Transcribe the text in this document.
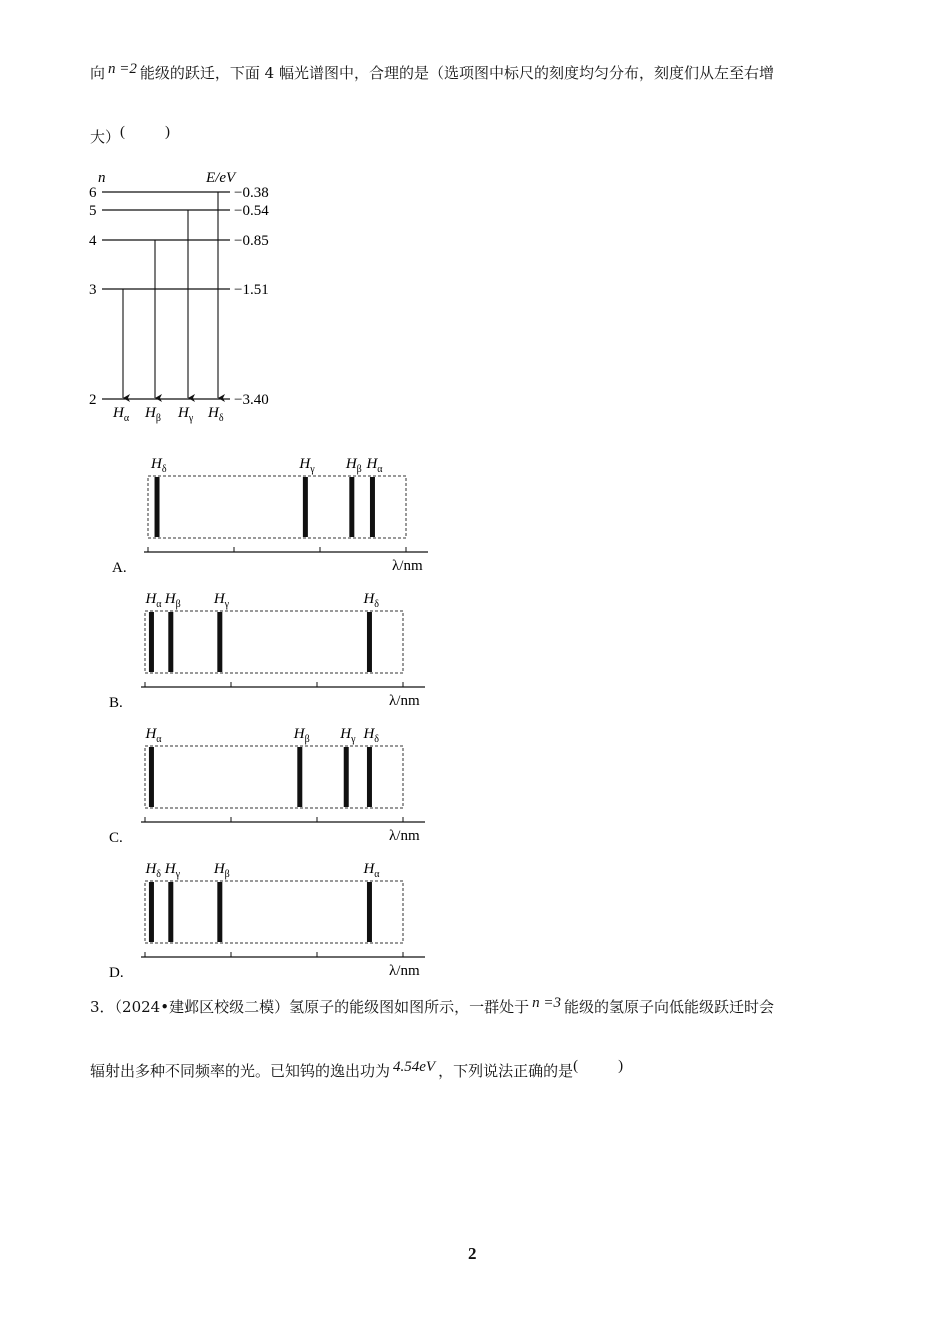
向 n =2 能级的跃迁，下面 4 幅光谱图中，合理的是（选项图中标尺的刻度均匀分布，刻度们从左至右增
大）(	)
n	E/eV
6	−0.38
5	−0.54
4	−0.85
3	−1.51
2	−3.40
$H_\alpha$ $H_\beta$ $H_\gamma$ $H_\delta$
$H_\delta$	$H_\gamma$ $H_\beta$ $H_\alpha$
λ/nm
A.
$H_\alpha$ $H_\beta$ $H_\gamma$	$H_\delta$
λ/nm
B.
$H_\alpha$	$H_\beta$ $H_\gamma$ $H_\delta$
λ/nm
C.
$H_\delta$ $H_\gamma$ $H_\beta$	$H_\alpha$
λ/nm
D.
3．（2024•建邺区校级二模）氢原子的能级图如图所示，一群处于 n =3 能级的氢原子向低能级跃迁时会
辐射出多种不同频率的光。已知钨的逸出功为 4.54eV ，下列说法正确的是(	)
2
